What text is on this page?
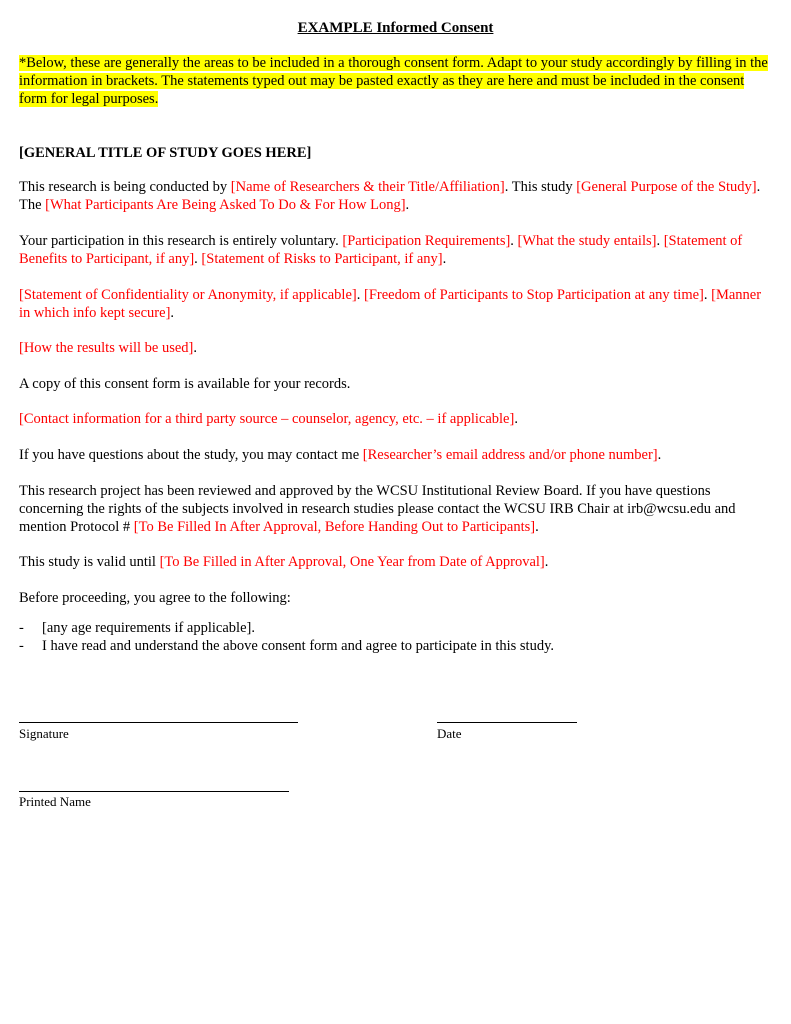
EXAMPLE Informed Consent

*Below, these are generally the areas to be included in a thorough consent form. Adapt to your study accordingly by filling in the information in brackets. The statements typed out may be pasted exactly as they are here and must be included in the consent form for legal purposes.

[GENERAL TITLE OF STUDY GOES HERE]

This research is being conducted by [Name of Researchers & their Title/Affiliation]. This study [General Purpose of the Study]. The [What Participants Are Being Asked To Do & For How Long].

Your participation in this research is entirely voluntary. [Participation Requirements]. [What the study entails]. [Statement of Benefits to Participant, if any]. [Statement of Risks to Participant, if any].

[Statement of Confidentiality or Anonymity, if applicable]. [Freedom of Participants to Stop Participation at any time]. [Manner in which info kept secure].

[How the results will be used].

A copy of this consent form is available for your records.

[Contact information for a third party source – counselor, agency, etc. – if applicable].

If you have questions about the study, you may contact me [Researcher’s email address and/or phone number].

This research project has been reviewed and approved by the WCSU Institutional Review Board. If you have questions concerning the rights of the subjects involved in research studies please contact the WCSU IRB Chair at irb@wcsu.edu and mention Protocol # [To Be Filled In After Approval, Before Handing Out to Participants].

This study is valid until [To Be Filled in After Approval, One Year from Date of Approval].

Before proceeding, you agree to the following:

- [any age requirements if applicable].
- I have read and understand the above consent form and agree to participate in this study.
Signature	Date
Printed Name
